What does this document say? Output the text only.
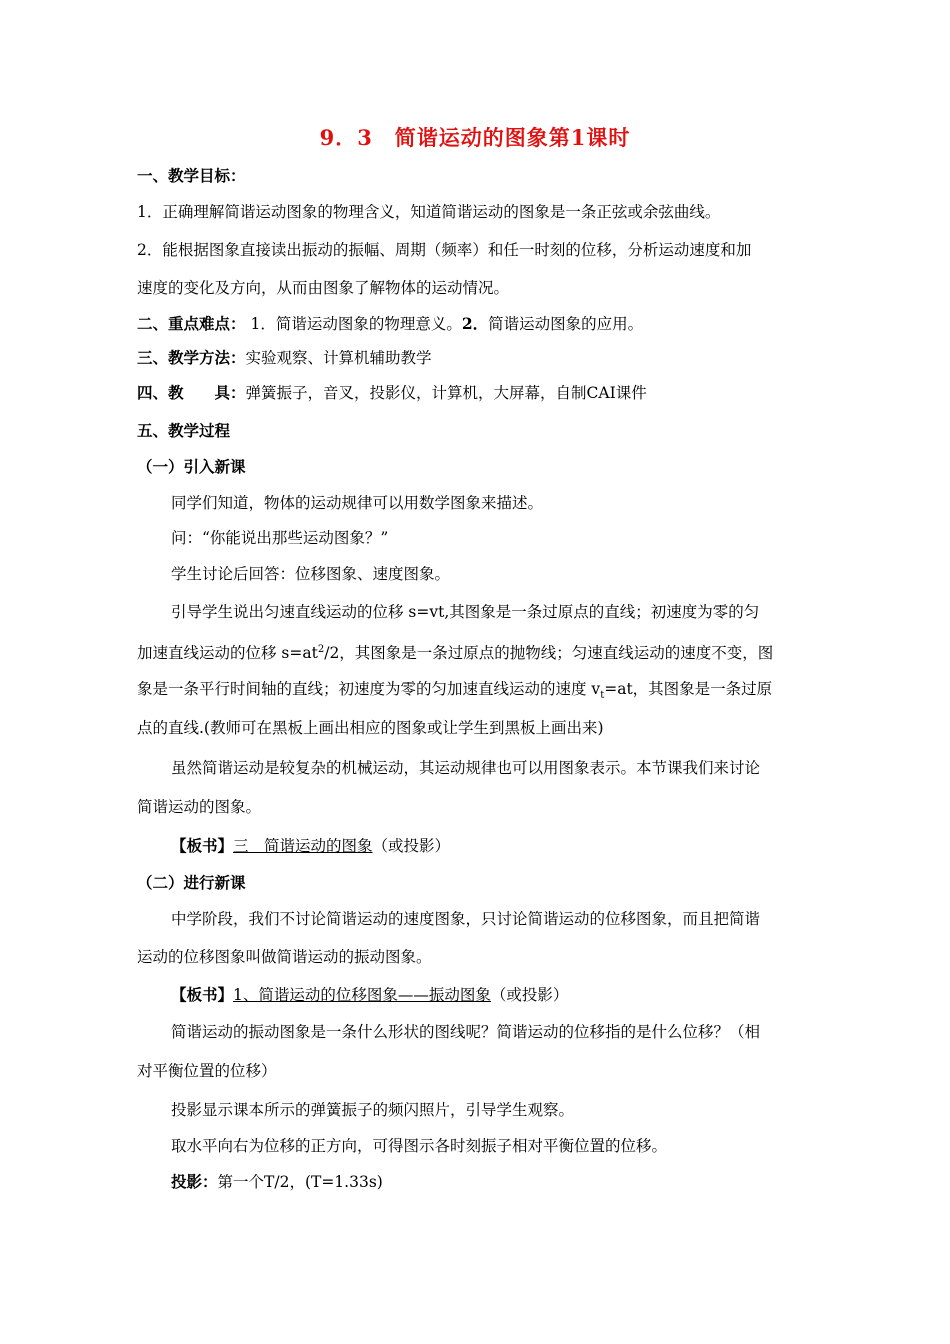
9．3　简谐运动的图象第1课时
一、教学目标：
1．正确理解简谐运动图象的物理含义，知道简谐运动的图象是一条正弦或余弦曲线。
2．能根据图象直接读出振动的振幅、周期（频率）和任一时刻的位移，分析运动速度和加
速度的变化及方向，从而由图象了解物体的运动情况。
二、重点难点： 1．简谐运动图象的物理意义。2．简谐运动图象的应用。
三、教学方法：实验观察、计算机辅助教学
四、教　　具：弹簧振子，音叉，投影仪，计算机，大屏幕，自制CAI课件
五、教学过程
（一）引入新课
同学们知道，物体的运动规律可以用数学图象来描述。
问：“你能说出那些运动图象？”
学生讨论后回答：位移图象、速度图象。
引导学生说出匀速直线运动的位移 s=vt,其图象是一条过原点的直线；初速度为零的匀
加速直线运动的位移 $s=at^2/2$，其图象是一条过原点的抛物线；匀速直线运动的速度不变，图
象是一条平行时间轴的直线；初速度为零的匀加速直线运动的速度 $v_t=at$，其图象是一条过原
点的直线.(教师可在黑板上画出相应的图象或让学生到黑板上画出来)
虽然简谐运动是较复杂的机械运动，其运动规律也可以用图象表示。本节课我们来讨论
简谐运动的图象。
【板书】三　简谐运动的图象（或投影）
（二）进行新课
中学阶段，我们不讨论简谐运动的速度图象，只讨论简谐运动的位移图象，而且把简谐
运动的位移图象叫做简谐运动的振动图象。
【板书】1、简谐运动的位移图象——振动图象（或投影）
简谐运动的振动图象是一条什么形状的图线呢？简谐运动的位移指的是什么位移？（相
对平衡位置的位移）
投影显示课本所示的弹簧振子的频闪照片，引导学生观察。
取水平向右为位移的正方向，可得图示各时刻振子相对平衡位置的位移。
投影：第一个T/2，(T=1.33s)
